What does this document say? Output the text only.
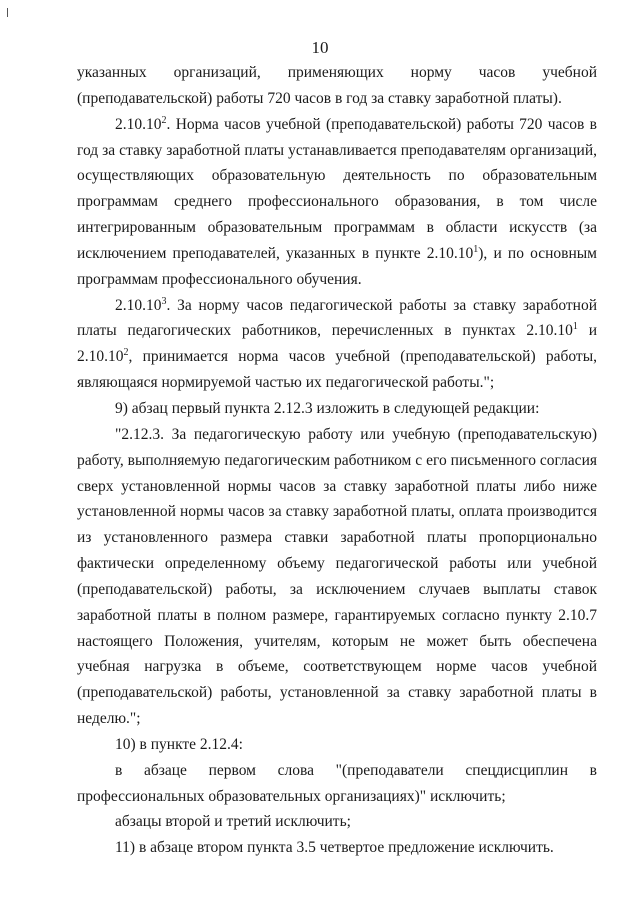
10

указанных организаций, применяющих норму часов учебной (преподавательской) работы 720 часов в год за ставку заработной платы).

2.10.10$^2$. Норма часов учебной (преподавательской) работы 720 часов в год за ставку заработной платы устанавливается преподавателям организаций, осуществляющих образовательную деятельность по образовательным программам среднего профессионального образования, в том числе интегрированным образовательным программам в области искусств (за исключением преподавателей, указанных в пункте 2.10.10$^1$), и по основным программам профессионального обучения.

2.10.10$^3$. За норму часов педагогической работы за ставку заработной платы педагогических работников, перечисленных в пунктах 2.10.10$^1$ и 2.10.10$^2$, принимается норма часов учебной (преподавательской) работы, являющаяся нормируемой частью их педагогической работы.";

9) абзац первый пункта 2.12.3 изложить в следующей редакции:

"2.12.3. За педагогическую работу или учебную (преподавательскую) работу, выполняемую педагогическим работником с его письменного согласия сверх установленной нормы часов за ставку заработной платы либо ниже установленной нормы часов за ставку заработной платы, оплата производится из установленного размера ставки заработной платы пропорционально фактически определенному объему педагогической работы или учебной (преподавательской) работы, за исключением случаев выплаты ставок заработной платы в полном размере, гарантируемых согласно пункту 2.10.7 настоящего Положения, учителям, которым не может быть обеспечена учебная нагрузка в объеме, соответствующем норме часов учебной (преподавательской) работы, установленной за ставку заработной платы в неделю.";

10) в пункте 2.12.4:

в абзаце первом слова "(преподаватели спецдисциплин в профессиональных образовательных организациях)" исключить;

абзацы второй и третий исключить;

11) в абзаце втором пункта 3.5 четвертое предложение исключить.
